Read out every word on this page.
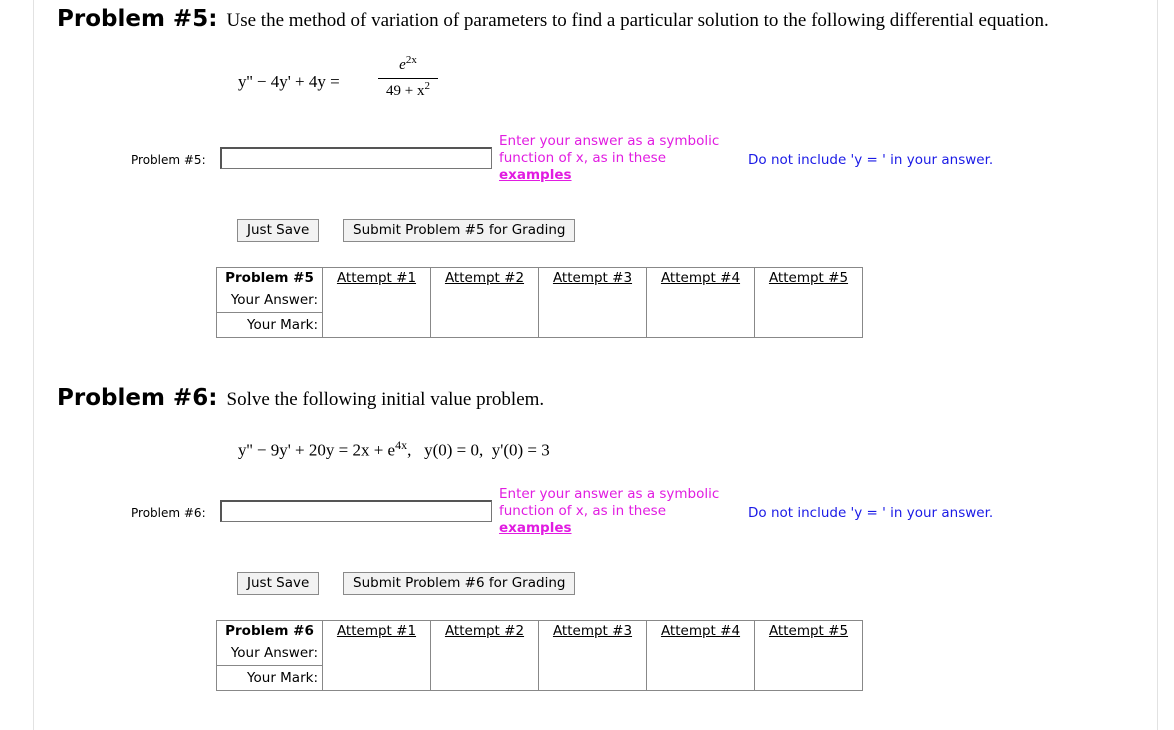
Problem #5: Use the method of variation of parameters to find a particular solution to the following differential equation.
y'' − 4y' + 4y =
$e^{2x}$
$49 + x^2$
Problem #5:
Enter your answer as a symbolic function of x, as in these
examples
Do not include 'y = ' in your answer.
Just Save	Submit Problem #5 for Grading
Problem #5	Attempt #1	Attempt #2	Attempt #3	Attempt #4	Attempt #5
Your Answer:					
Your Mark:					
Problem #6: Solve the following initial value problem.
$y'' - 9y' + 20y = 2x + e^{4x}$,   y(0) = 0,  y'(0) = 3
Problem #6:
Enter your answer as a symbolic function of x, as in these
examples
Do not include 'y = ' in your answer.
Just Save	Submit Problem #6 for Grading
Problem #6	Attempt #1	Attempt #2	Attempt #3	Attempt #4	Attempt #5
Your Answer:					
Your Mark:					
